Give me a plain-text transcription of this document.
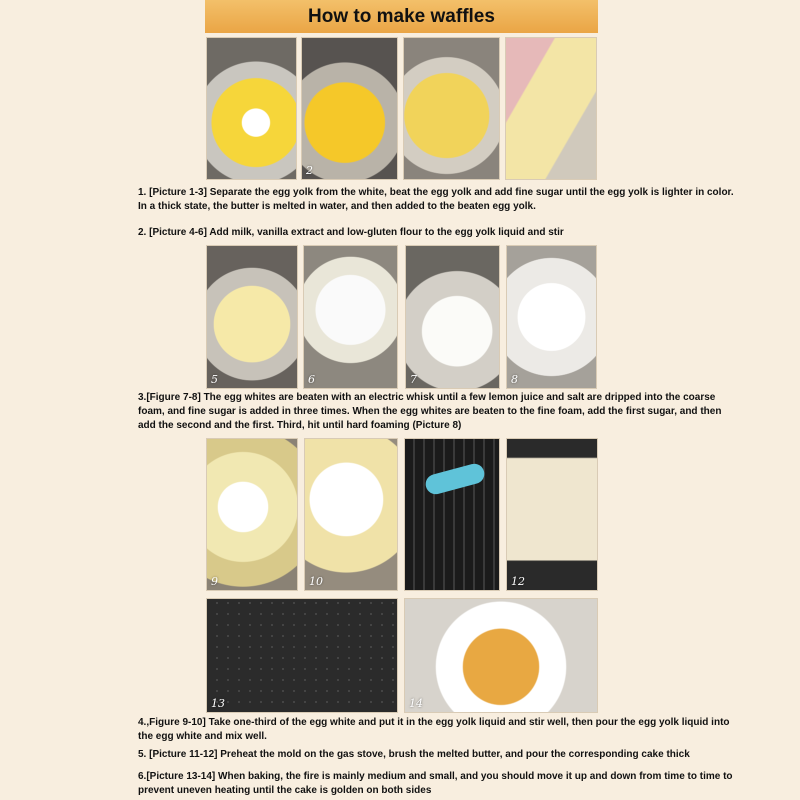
How to make waffles
2

1. [Picture 1-3] Separate the egg yolk from the white, beat the egg yolk and add fine sugar until the egg yolk is lighter in color. In a thick state, the butter is melted in water, and then added to the beaten egg yolk.

2. [Picture 4-6] Add milk, vanilla extract and low-gluten flour to the egg yolk liquid and stir

5	6	7	8

3.[Figure 7-8] The egg whites are beaten with an electric whisk until a few lemon juice and salt are dripped into the coarse foam, and fine sugar is added in three times. When the egg whites are beaten to the fine foam, add the first sugar, and then add the second and the first. Third, hit until hard foaming (Picture 8)

9	10	12
13	14

4.,Figure 9-10] Take one-third of the egg white and put it in the egg yolk liquid and stir well, then pour the egg yolk liquid into the egg white and mix well.

5. [Picture 11-12] Preheat the mold on the gas stove, brush the melted butter, and pour the corresponding cake thick

6.[Picture 13-14] When baking, the fire is mainly medium and small, and you should move it up and down from time to time to prevent uneven heating until the cake is golden on both sides
